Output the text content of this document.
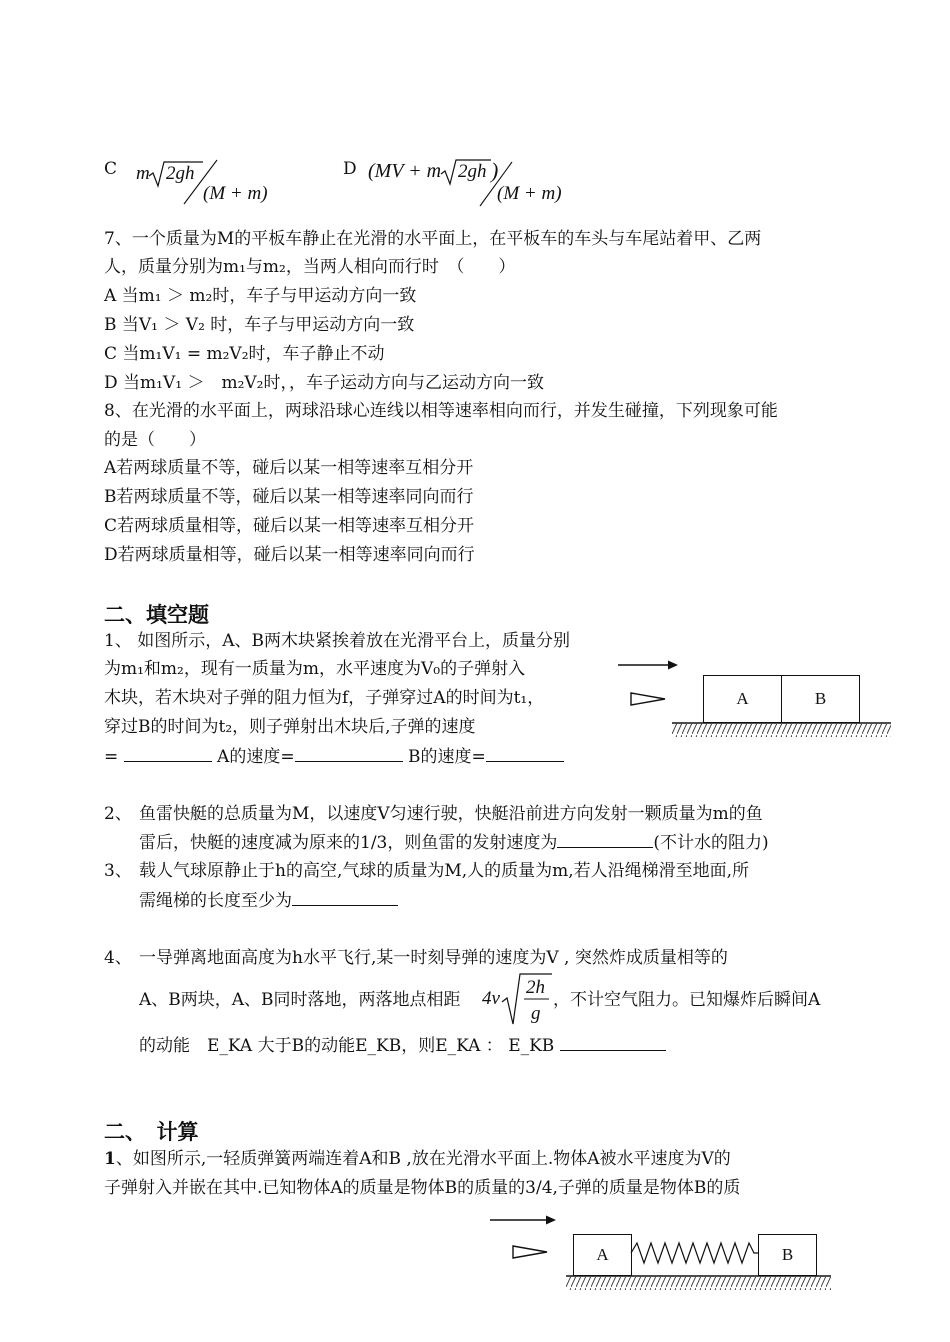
C m 2gh
(M + m)
D (MV + m 2gh )
(M + m)
7、一个质量为M的平板车静止在光滑的水平面上，在平板车的车头与车尾站着甲、乙两
人，质量分别为m₁与m₂，当两人相向而行时　（　　）
A 当m₁ ＞ m₂时，车子与甲运动方向一致
B 当V₁ ＞ V₂ 时，车子与甲运动方向一致
C 当m₁V₁ = m₂V₂时，车子静止不动
D 当m₁V₁ ＞　m₂V₂时，，车子运动方向与乙运动方向一致
8、在光滑的水平面上，两球沿球心连线以相等速率相向而行，并发生碰撞，下列现象可能
的是（　　）
A若两球质量不等，碰后以某一相等速率互相分开
B若两球质量不等，碰后以某一相等速率同向而行
C若两球质量相等，碰后以某一相等速率互相分开
D若两球质量相等，碰后以某一相等速率同向而行
二、填空题
1、 如图所示，A、B两木块紧挨着放在光滑平台上，质量分别
为m₁和m₂，现有一质量为m，水平速度为V₀的子弹射入
木块，若木块对子弹的阻力恒为f，子弹穿过A的时间为t₁，
穿过B的时间为t₂，则子弹射出木块后,子弹的速度
=	A的速度=	B的速度=
A	B
2、 鱼雷快艇的总质量为M，以速度V匀速行驶，快艇沿前进方向发射一颗质量为m的鱼
雷后，快艇的速度减为原来的1/3，则鱼雷的发射速度为	(不计水的阻力)
3、 载人气球原静止于h的高空,气球的质量为M,人的质量为m,若人沿绳梯滑至地面,所
需绳梯的长度至少为
4、 一导弹离地面高度为h水平飞行,某一时刻导弹的速度为V , 突然炸成质量相等的
A、B两块，A、B同时落地，两落地点相距 4v
2h
g
，不计空气阻力。已知爆炸后瞬间A
的动能　E_KA 大于B的动能E_KB，则E_KA ： E_KB
二、　计算
1、如图所示,一轻质弹簧两端连着A和B ,放在光滑水平面上.物体A被水平速度为V的
子弹射入并嵌在其中.已知物体A的质量是物体B的质量的3/4,子弹的质量是物体B的质
A	B
